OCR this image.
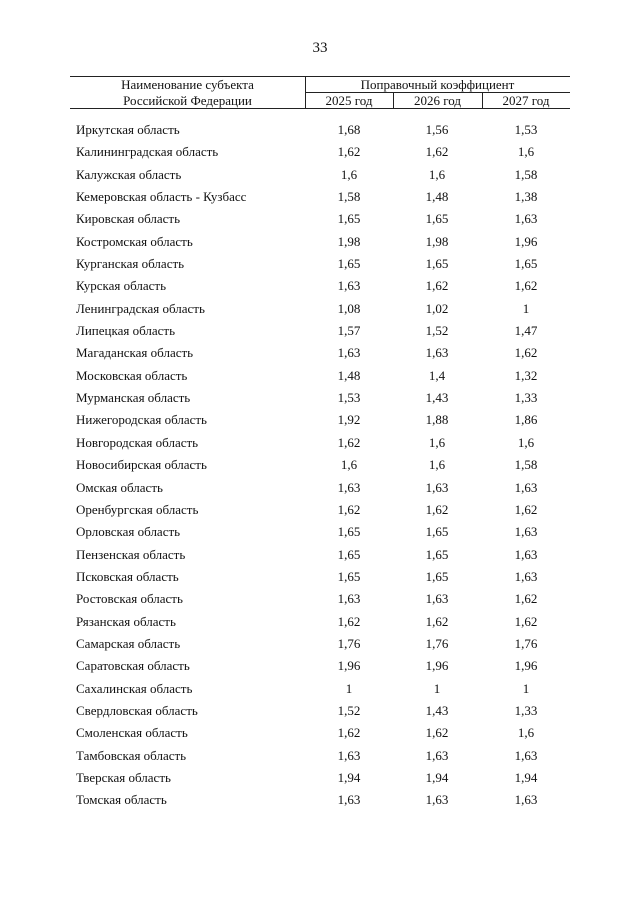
33
Наименование субъекта
Российской Федерации
Поправочный коэффициент
2025 год	2026 год	2027 год
Иркутская область	1,68	1,56	1,53
Калининградская область	1,62	1,62	1,6
Калужская область	1,6	1,6	1,58
Кемеровская область - Кузбасс	1,58	1,48	1,38
Кировская область	1,65	1,65	1,63
Костромская область	1,98	1,98	1,96
Курганская область	1,65	1,65	1,65
Курская область	1,63	1,62	1,62
Ленинградская область	1,08	1,02	1
Липецкая область	1,57	1,52	1,47
Магаданская область	1,63	1,63	1,62
Московская область	1,48	1,4	1,32
Мурманская область	1,53	1,43	1,33
Нижегородская область	1,92	1,88	1,86
Новгородская область	1,62	1,6	1,6
Новосибирская область	1,6	1,6	1,58
Омская область	1,63	1,63	1,63
Оренбургская область	1,62	1,62	1,62
Орловская область	1,65	1,65	1,63
Пензенская область	1,65	1,65	1,63
Псковская область	1,65	1,65	1,63
Ростовская область	1,63	1,63	1,62
Рязанская область	1,62	1,62	1,62
Самарская область	1,76	1,76	1,76
Саратовская область	1,96	1,96	1,96
Сахалинская область	1	1	1
Свердловская область	1,52	1,43	1,33
Смоленская область	1,62	1,62	1,6
Тамбовская область	1,63	1,63	1,63
Тверская область	1,94	1,94	1,94
Томская область	1,63	1,63	1,63
